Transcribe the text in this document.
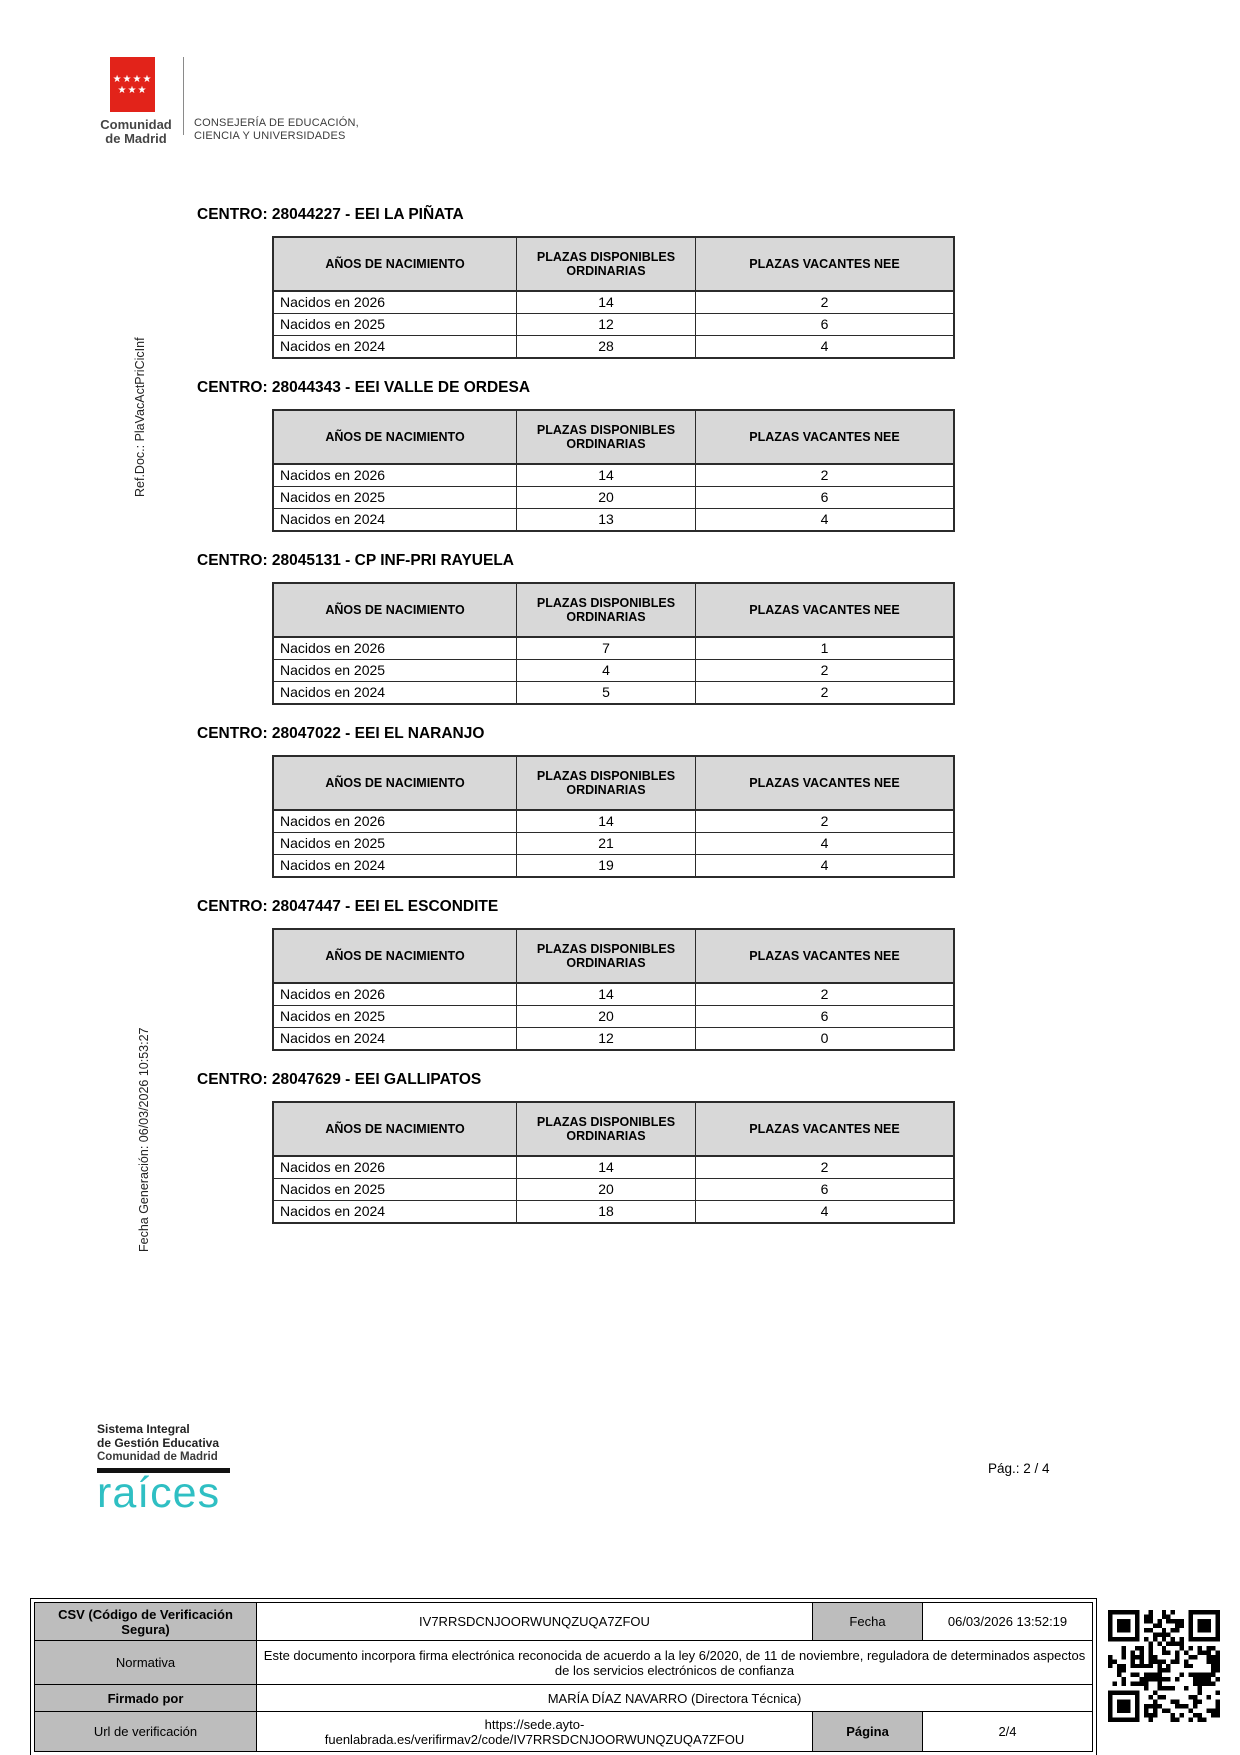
★★★★
★★★
Comunidad
de Madrid
CONSEJERÍA DE EDUCACIÓN,
CIENCIA Y UNIVERSIDADES
Ref.Doc.: PlaVacActPriCicInf
Fecha Generación: 06/03/2026 10:53:27
CENTRO: 28044227 - EEI LA PIÑATA
AÑOS DE NACIMIENTO	PLAZAS DISPONIBLES ORDINARIAS	PLAZAS VACANTES NEE
Nacidos en 2026	14	2
Nacidos en 2025	12	6
Nacidos en 2024	28	4
CENTRO: 28044343 - EEI VALLE DE ORDESA
AÑOS DE NACIMIENTO	PLAZAS DISPONIBLES ORDINARIAS	PLAZAS VACANTES NEE
Nacidos en 2026	14	2
Nacidos en 2025	20	6
Nacidos en 2024	13	4
CENTRO: 28045131 - CP INF-PRI RAYUELA
AÑOS DE NACIMIENTO	PLAZAS DISPONIBLES ORDINARIAS	PLAZAS VACANTES NEE
Nacidos en 2026	7	1
Nacidos en 2025	4	2
Nacidos en 2024	5	2
CENTRO: 28047022 - EEI EL NARANJO
AÑOS DE NACIMIENTO	PLAZAS DISPONIBLES ORDINARIAS	PLAZAS VACANTES NEE
Nacidos en 2026	14	2
Nacidos en 2025	21	4
Nacidos en 2024	19	4
CENTRO: 28047447 - EEI EL ESCONDITE
AÑOS DE NACIMIENTO	PLAZAS DISPONIBLES ORDINARIAS	PLAZAS VACANTES NEE
Nacidos en 2026	14	2
Nacidos en 2025	20	6
Nacidos en 2024	12	0
CENTRO: 28047629 - EEI GALLIPATOS
AÑOS DE NACIMIENTO	PLAZAS DISPONIBLES ORDINARIAS	PLAZAS VACANTES NEE
Nacidos en 2026	14	2
Nacidos en 2025	20	6
Nacidos en 2024	18	4
Sistema Integral
de Gestión Educativa
Comunidad de Madrid
raíces
Pág.: 2 / 4
CSV (Código de Verificación Segura)	IV7RRSDCNJOORWUNQZUQA7ZFOU	Fecha	06/03/2026 13:52:19
Normativa	Este documento incorpora firma electrónica reconocida de acuerdo a la ley 6/2020, de 11 de noviembre, reguladora de determinados aspectos de los servicios electrónicos de confianza		
Firmado por	MARÍA DÍAZ NAVARRO (Directora Técnica)		
Url de verificación	https://sede.ayto-fuenlabrada.es/verifirmav2/code/IV7RRSDCNJOORWUNQZUQA7ZFOU	Página	2/4
